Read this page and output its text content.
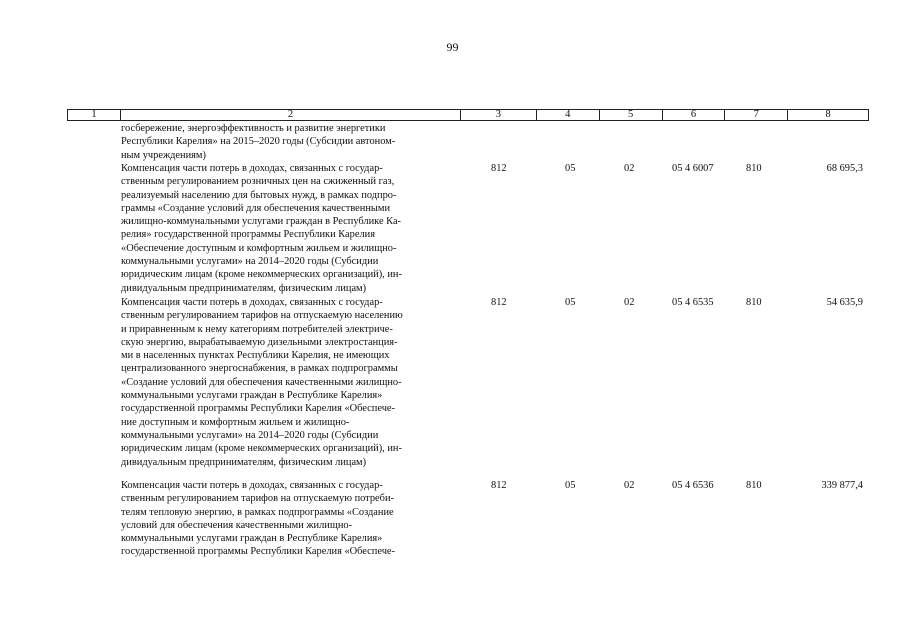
99
1	2	3	4	5	6	7	8
госбережение, энергоэффективность и развитие энергетики
Республики Карелия» на 2015–2020 годы (Субсидии автоном-
ным учреждениям)
Компенсация части потерь в доходах, связанных с государ-
ственным регулированием розничных цен на сжиженный газ,
реализуемый населению для бытовых нужд, в рамках подпро-
граммы «Создание условий для обеспечения качественными
жилищно-коммунальными услугами граждан в Республике Ка-
релия» государственной программы Республики Карелия
«Обеспечение доступным и комфортным жильем и жилищно-
коммунальными услугами» на 2014–2020 годы (Субсидии
юридическим лицам (кроме некоммерческих организаций), ин-
дивидуальным предпринимателям, физическим лицам)
812	05	02	05 4 6007	810	68 695,3
Компенсация части потерь в доходах, связанных с государ-
ственным регулированием тарифов на отпускаемую населению
и приравненным к нему категориям потребителей электриче-
скую энергию, вырабатываемую дизельными электростанция-
ми в населенных пунктах Республики Карелия, не имеющих
централизованного энергоснабжения, в рамках подпрограммы
«Создание условий для обеспечения качественными жилищно-
коммунальными услугами граждан в Республике Карелия»
государственной программы Республики Карелия «Обеспече-
ние доступным и комфортным жильем и жилищно-
коммунальными услугами» на 2014–2020 годы (Субсидии
юридическим лицам (кроме некоммерческих организаций), ин-
дивидуальным предпринимателям, физическим лицам)
812	05	02	05 4 6535	810	54 635,9
Компенсация части потерь в доходах, связанных с государ-
ственным регулированием тарифов на отпускаемую потреби-
телям тепловую энергию, в рамках подпрограммы «Создание
условий для обеспечения качественными жилищно-
коммунальными услугами граждан в Республике Карелия»
государственной программы Республики Карелия «Обеспече-
812	05	02	05 4 6536	810	339 877,4
